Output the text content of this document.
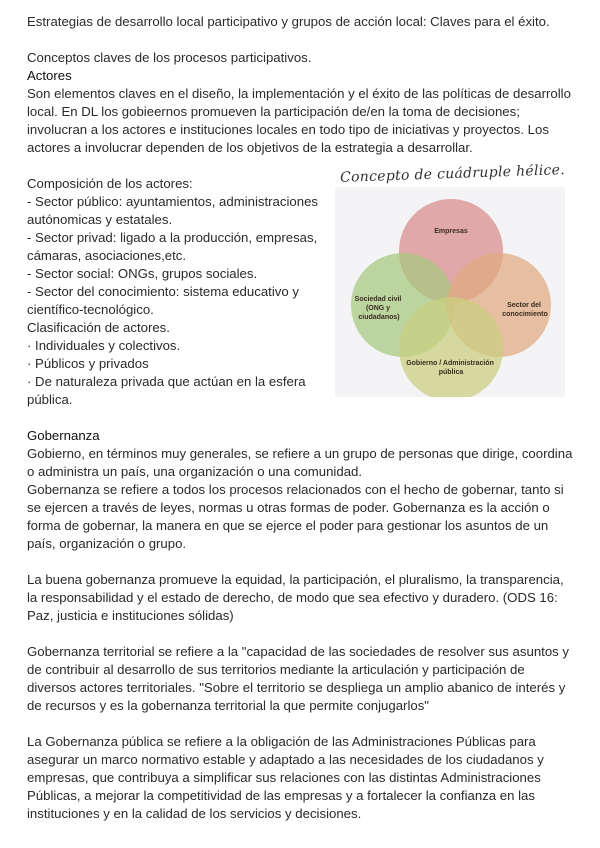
Estrategias de desarrollo local participativo y grupos de acción local: Claves para el éxito.

Conceptos claves de los procesos participativos.

Actores

Son elementos claves en el diseño, la implementación y el éxito de las políticas de desarrollo local. En DL los gobieernos promueven la participación de/en la toma de decisiones; involucran a los actores e instituciones locales en todo tipo de iniciativas y proyectos. Los actores a involucrar dependen de los objetivos de la estrategia a desarrollar.

Composición de los actores:

- Sector público: ayuntamientos, administraciones autónomicas y estatales.

- Sector privad: ligado a la producción, empresas, cámaras, asociaciones,etc.

- Sector social: ONGs, grupos sociales.

- Sector del conocimiento: sistema educativo y científico-tecnológico.

Clasificación de actores.

· Individuales y colectivos.

· Públicos y privados

· De naturaleza privada que actúan en la esfera pública.

Concepto de cuádruple hélice.
Empresas
Sociedad civil (ONG y ciudadanos)
Sector del conocimiento
Gobierno / Administración pública

Gobernanza

Gobierno, en términos muy generales, se refiere a un grupo de personas que dirige, coordina o administra un país, una organización o una comunidad.

Gobernanza se refiere a todos los procesos relacionados con el hecho de gobernar, tanto si se ejercen a través de leyes, normas u otras formas de poder. Gobernanza es la acción o forma de gobernar, la manera en que se ejerce el poder para gestionar los asuntos de un país, organización o grupo.

La buena gobernanza promueve la equidad, la participación, el pluralismo, la transparencia, la responsabilidad y el estado de derecho, de modo que sea efectivo y duradero. (ODS 16: Paz, justicia e instituciones sólidas)

Gobernanza territorial se refiere a la "capacidad de las sociedades de resolver sus asuntos y de contribuir al desarrollo de sus territorios mediante la articulación y participación de diversos actores territoriales. "Sobre el territorio se despliega un amplio abanico de interés y de recursos y es la gobernanza territorial la que permite conjugarlos"

La Gobernanza pública se refiere a la obligación de las Administraciones Públicas para asegurar un marco normativo estable y adaptado a las necesidades de los ciudadanos y empresas, que contribuya a simplificar sus relaciones con las distintas Administraciones Públicas, a mejorar la competitividad de las empresas y a fortalecer la confianza en las instituciones y en la calidad de los servicios y decisiones.
